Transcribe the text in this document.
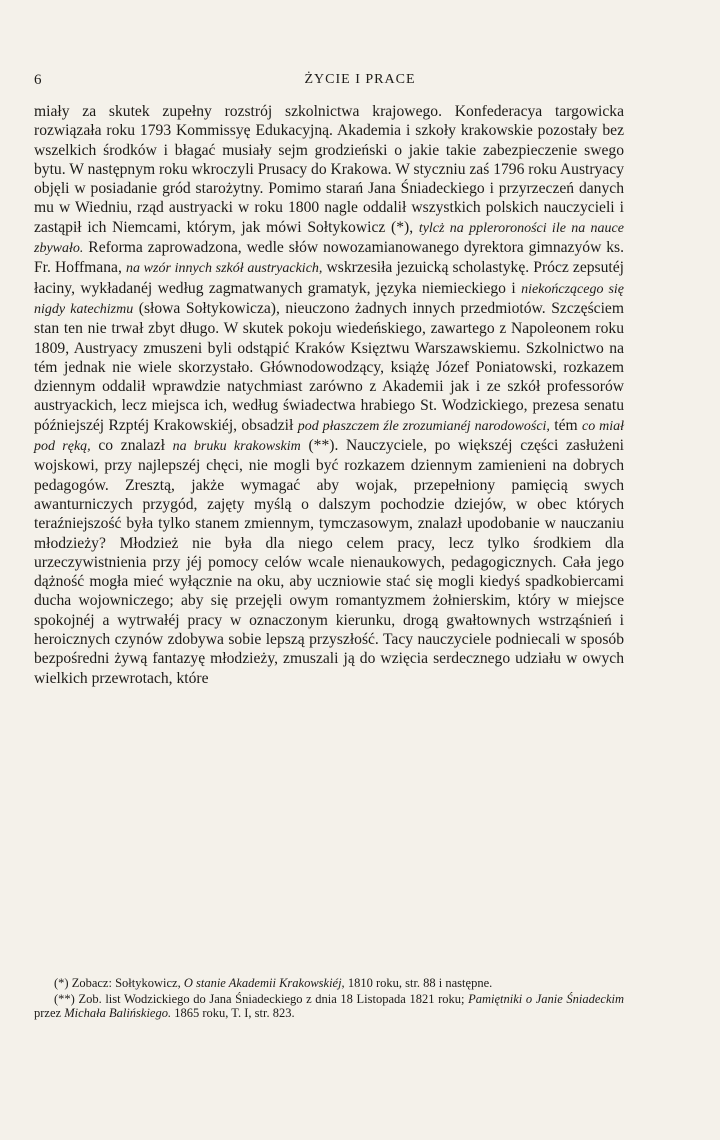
6	ŻYCIE I PRACE

miały za skutek zupełny rozstrój szkolnictwa krajowego. Konfederacya targowicka rozwiązała roku 1793 Kommissyę Edukacyjną. Akademia i szkoły krakowskie pozostały bez wszelkich środków i błagać musiały sejm grodzieński o jakie takie zabezpieczenie swego bytu. W następnym roku wkroczyli Prusacy do Krakowa. W styczniu zaś 1796 roku Austryacy objęli w posiadanie gród starożytny. Pomimo starań Jana Śniadeckiego i przyrzeczeń danych mu w Wiedniu, rząd austryacki w roku 1800 nagle oddalił wszystkich polskich nauczycieli i zastąpił ich Niemcami, którym, jak mówi Sołtykowicz (*), tylcż na ppleroroności ile na nauce zbywało. Reforma zaprowadzona, wedle słów nowozamianowanego dyrektora gimnazyów ks. Fr. Hoffmana, na wzór innych szkół austryackich, wskrzesiła jezuicką scholastykę. Prócz zepsutéj łaciny, wykładanéj według zagmatwanych gramatyk, języka niemieckiego i niekończącego się nigdy katechizmu (słowa Sołtykowicza), nieuczono żadnych innych przedmiotów. Szczęściem stan ten nie trwał zbyt długo. W skutek pokoju wiedeńskiego, zawartego z Napoleonem roku 1809, Austryacy zmuszeni byli odstąpić Kraków Księztwu Warszawskiemu. Szkolnictwo na tém jednak nie wiele skorzystało. Głównodowodzący, książę Józef Poniatowski, rozkazem dziennym oddalił wprawdzie natychmiast zarówno z Akademii jak i ze szkół professorów austryackich, lecz miejsca ich, według świadectwa hrabiego St. Wodzickiego, prezesa senatu późniejszéj Rzptéj Krakowskiéj, obsadził pod płaszczem źle zrozumianéj narodowości, tém co miał pod ręką, co znalazł na bruku krakowskim (**). Nauczyciele, po większéj części zasłużeni wojskowi, przy najlepszéj chęci, nie mogli być rozkazem dziennym zamienieni na dobrych pedagogów. Zresztą, jakże wymagać aby wojak, przepełniony pamięcią swych awanturniczych przygód, zajęty myślą o dalszym pochodzie dziejów, w obec których teraźniejszość była tylko stanem zmiennym, tymczasowym, znalazł upodobanie w nauczaniu młodzieży? Młodzież nie była dla niego celem pracy, lecz tylko środkiem dla urzeczywistnienia przy jéj pomocy celów wcale nienaukowych, pedagogicznych. Cała jego dążność mogła mieć wyłącznie na oku, aby uczniowie stać się mogli kiedyś spadkobiercami ducha wojowniczego; aby się przejęli owym romantyzmem żołnierskim, który w miejsce spokojnéj a wytrwałéj pracy w oznaczonym kierunku, drogą gwałtownych wstrząśnień i heroicznych czynów zdobywa sobie lepszą przyszłość. Tacy nauczyciele podniecali w sposób bezpośredni żywą fantazyę młodzieży, zmuszali ją do wzięcia serdecznego udziału w owych wielkich przewrotach, które

(*) Zobacz: Sołtykowicz, O stanie Akademii Krakowskiéj, 1810 roku, str. 88 i następne.

(**) Zob. list Wodzickiego do Jana Śniadeckiego z dnia 18 Listopada 1821 roku; Pamiętniki o Janie Śniadeckim przez Michała Balińskiego. 1865 roku, T. I, str. 823.
